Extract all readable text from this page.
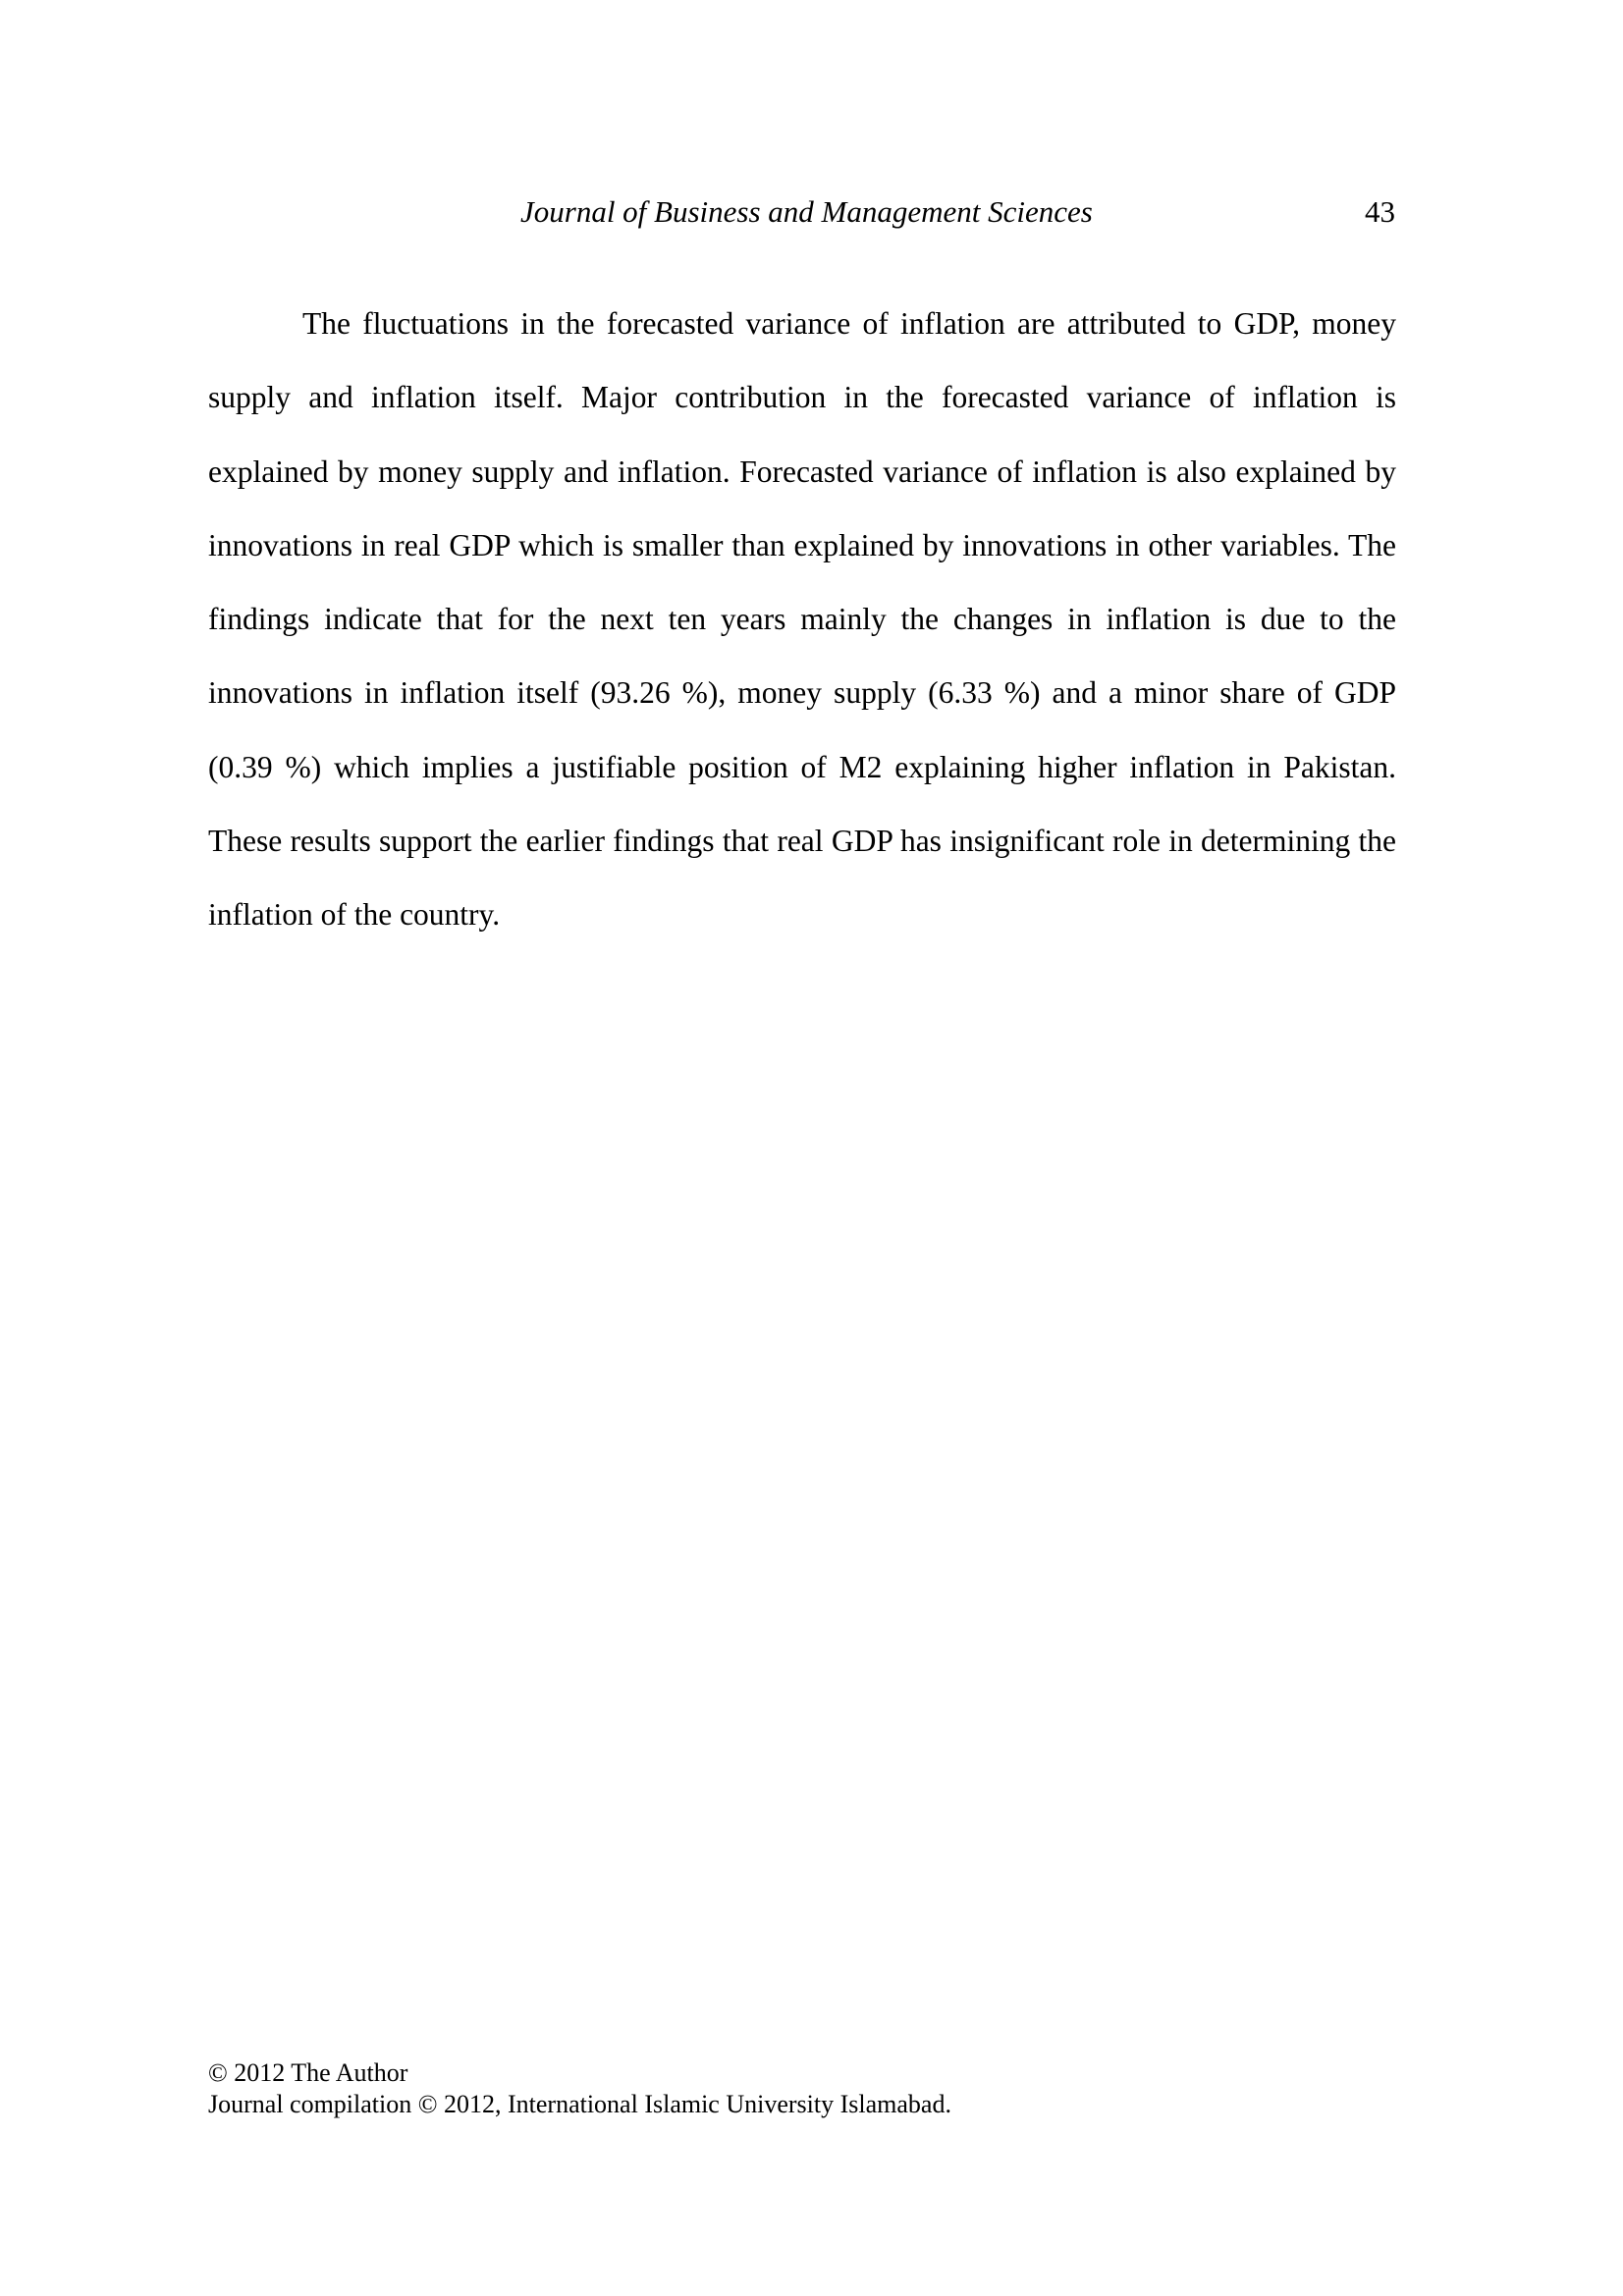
Journal of Business and Management Sciences	43

The fluctuations in the forecasted variance of inflation are attributed to GDP, money supply and inflation itself. Major contribution in the forecasted variance of inflation is explained by money supply and inflation. Forecasted variance of inflation is also explained by innovations in real GDP which is smaller than explained by innovations in other variables. The findings indicate that for the next ten years mainly the changes in inflation is due to the innovations in inflation itself (93.26 %), money supply (6.33 %) and a minor share of GDP (0.39 %) which implies a justifiable position of M2 explaining higher inflation in Pakistan. These results support the earlier findings that real GDP has insignificant role in determining the inflation of the country.

© 2012 The Author
Journal compilation © 2012, International Islamic University Islamabad.
